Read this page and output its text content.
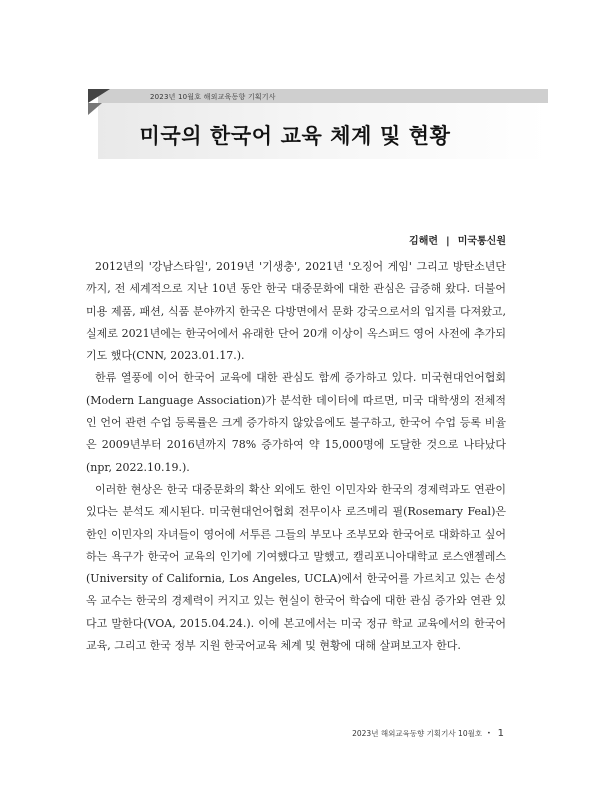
2023년 10월호 해외교육동향 기획기사
미국의 한국어 교육 체계 및 현황
김해련 | 미국통신원

2012년의 '강남스타일', 2019년 '기생충', 2021년 '오징어 게임' 그리고 방탄소년단까지, 전 세계적으로 지난 10년 동안 한국 대중문화에 대한 관심은 급증해 왔다. 더불어 미용 제품, 패션, 식품 분야까지 한국은 다방면에서 문화 강국으로서의 입지를 다져왔고, 실제로 2021년에는 한국어에서 유래한 단어 20개 이상이 옥스퍼드 영어 사전에 추가되기도 했다(CNN, 2023.01.17.).

한류 열풍에 이어 한국어 교육에 대한 관심도 함께 증가하고 있다. 미국현대언어협회(Modern Language Association)가 분석한 데이터에 따르면, 미국 대학생의 전체적인 언어 관련 수업 등록률은 크게 증가하지 않았음에도 불구하고, 한국어 수업 등록 비율은 2009년부터 2016년까지 78% 증가하여 약 15,000명에 도달한 것으로 나타났다(npr, 2022.10.19.).

이러한 현상은 한국 대중문화의 확산 외에도 한인 이민자와 한국의 경제력과도 연관이 있다는 분석도 제시된다. 미국현대언어협회 전무이사 로즈메리 필(Rosemary Feal)은 한인 이민자의 자녀들이 영어에 서투른 그들의 부모나 조부모와 한국어로 대화하고 싶어 하는 욕구가 한국어 교육의 인기에 기여했다고 말했고, 캘리포니아대학교 로스앤젤레스(University of California, Los Angeles, UCLA)에서 한국어를 가르치고 있는 손성옥 교수는 한국의 경제력이 커지고 있는 현실이 한국어 학습에 대한 관심 증가와 연관 있다고 말한다(VOA, 2015.04.24.). 이에 본고에서는 미국 정규 학교 교육에서의 한국어 교육, 그리고 한국 정부 지원 한국어교육 체계 및 현황에 대해 살펴보고자 한다.

2023년 해외교육동향 기획기사 10월호 • 1
